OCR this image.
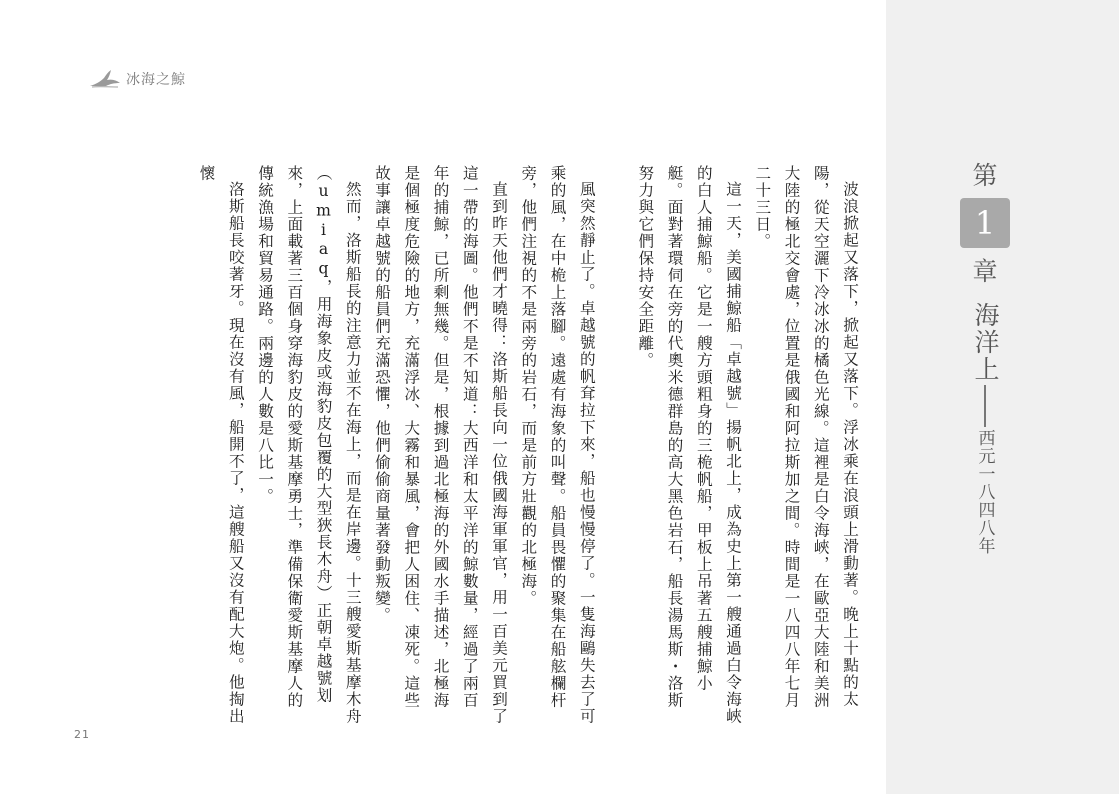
冰海之鯨

波浪掀起又落下，掀起又落下。浮冰乘在浪頭上滑動著。晚上十點的太陽，從天空灑下冷冰冰的橘色光線。這裡是白令海峽，在歐亞大陸和美洲大陸的極北交會處，位置是俄國和阿拉斯加之間。時間是一八四八年七月二十三日。

這一天，美國捕鯨船「卓越號」揚帆北上，成為史上第一艘通過白令海峽的白人捕鯨船。它是一艘方頭粗身的三桅帆船，甲板上吊著五艘捕鯨小艇。面對著環伺在旁的代奧米德群島的高大黑色岩石，船長湯馬斯・洛斯努力與它們保持安全距離。

風突然靜止了。卓越號的帆耷拉下來，船也慢慢停了。一隻海鷗失去了可乘的風，在中桅上落腳。遠處有海象的叫聲。船員畏懼的聚集在船舷欄杆旁，他們注視的不是兩旁的岩石，而是前方壯觀的北極海。

直到昨天他們才曉得：洛斯船長向一位俄國海軍軍官，用一百美元買到了這一帶的海圖。他們不是不知道：大西洋和太平洋的鯨數量，經過了兩百年的捕鯨，已所剩無幾。但是，根據到過北極海的外國水手描述，北極海是個極度危險的地方，充滿浮冰、大霧和暴風，會把人困住、凍死。這些故事讓卓越號的船員們充滿恐懼，他們偷偷商量著發動叛變。

然而，洛斯船長的注意力並不在海上，而是在岸邊。十三艘愛斯基摩木舟（umiaq，用海象皮或海豹皮包覆的大型狹長木舟）正朝卓越號划來，上面載著三百個身穿海豹皮的愛斯基摩勇士，準備保衛愛斯基摩人的傳統漁場和貿易通路。兩邊的人數是八比一。

洛斯船長咬著牙。現在沒有風，船開不了，這艘船又沒有配大炮。他掏出懷

21
第
1
章
海洋上
西元一八四八年
